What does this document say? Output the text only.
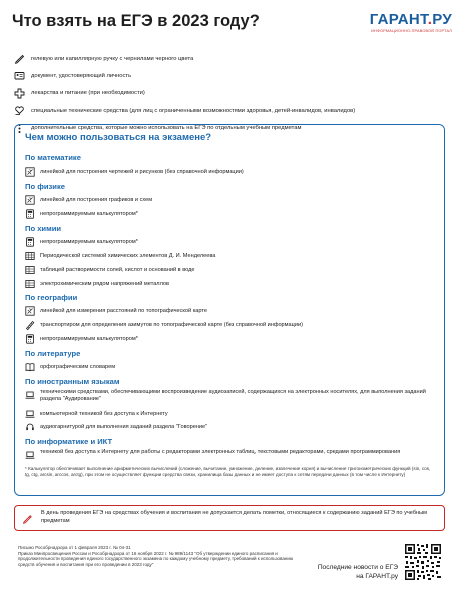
Что взять на ЕГЭ в 2023 году?	ГАРАНТ.РУ
ИНФОРМАЦИОННО-ПРАВОВОЙ ПОРТАЛ
гелевую или капиллярную ручку с чернилами черного цвета
документ, удостоверяющий личность
лекарства и питание (при необходимости)
специальные технические средства (для лиц с ограниченными возможностями здоровья, детей-инвалидов, инвалидов)
дополнительные средства, которые можно использовать на ЕГЭ по отдельным учебным предметам
Чем можно пользоваться на экзамене?
По математике
линейкой для построения чертежей и рисунков (без справочной информации)
По физике
линейкой для построения графиков и схем
непрограммируемым калькулятором*
По химии
непрограммируемым калькулятором*
Периодической системой химических элементов Д. И. Менделеева
таблицей растворимости солей, кислот и оснований в воде
электрохимическим рядом напряжений металлов
По географии
линейкой для измерения расстояний по топографической карте
транспортиром для определения азимутов по топографической карте (без справочной информации)
непрограммируемым калькулятором*
По литературе
орфографическим словарем
По иностранным языкам
техническими средствами, обеспечивающими воспроизведение аудиозаписей, содержащихся на электронных носителях, для выполнения заданий раздела "Аудирование"
компьютерной техникой без доступа к Интернету
аудиогарнитурой для выполнения заданий раздела "Говорение"
По информатике и ИКТ
техникой без доступа к Интернету для работы с редакторами электронных таблиц, текстовыми редакторами, средами программирования
* Калькулятор обеспечивает выполнение арифметических вычислений (сложение, вычитание, умножение, деление, извлечение корня) и вычисление тригонометрических функций (sin, cos, tg, ctg, arcsin, arccos, arctg), при этом не осуществляет функции средства связи, хранилища базы данных и не имеет доступа к сетям передачи данных (в том числе к Интернету)
В день проведения ЕГЭ на средствах обучения и воспитания не допускается делать пометки, относящиеся к содержанию заданий ЕГЭ по учебным предметам
Письмо Рособрнадзора от 1 февраля 2023 г. № 04-31
Приказ Минпросвещения России и Рособрнадзора от 16 ноября 2022 г. № 989/1143 "Об утверждении единого расписания и продолжительности проведения единого государственного экзамена по каждому учебному предмету, требований к использованию средств обучения и воспитания при его проведении в 2023 году"	Последние новости о ЕГЭ
на ГАРАНТ.ру
